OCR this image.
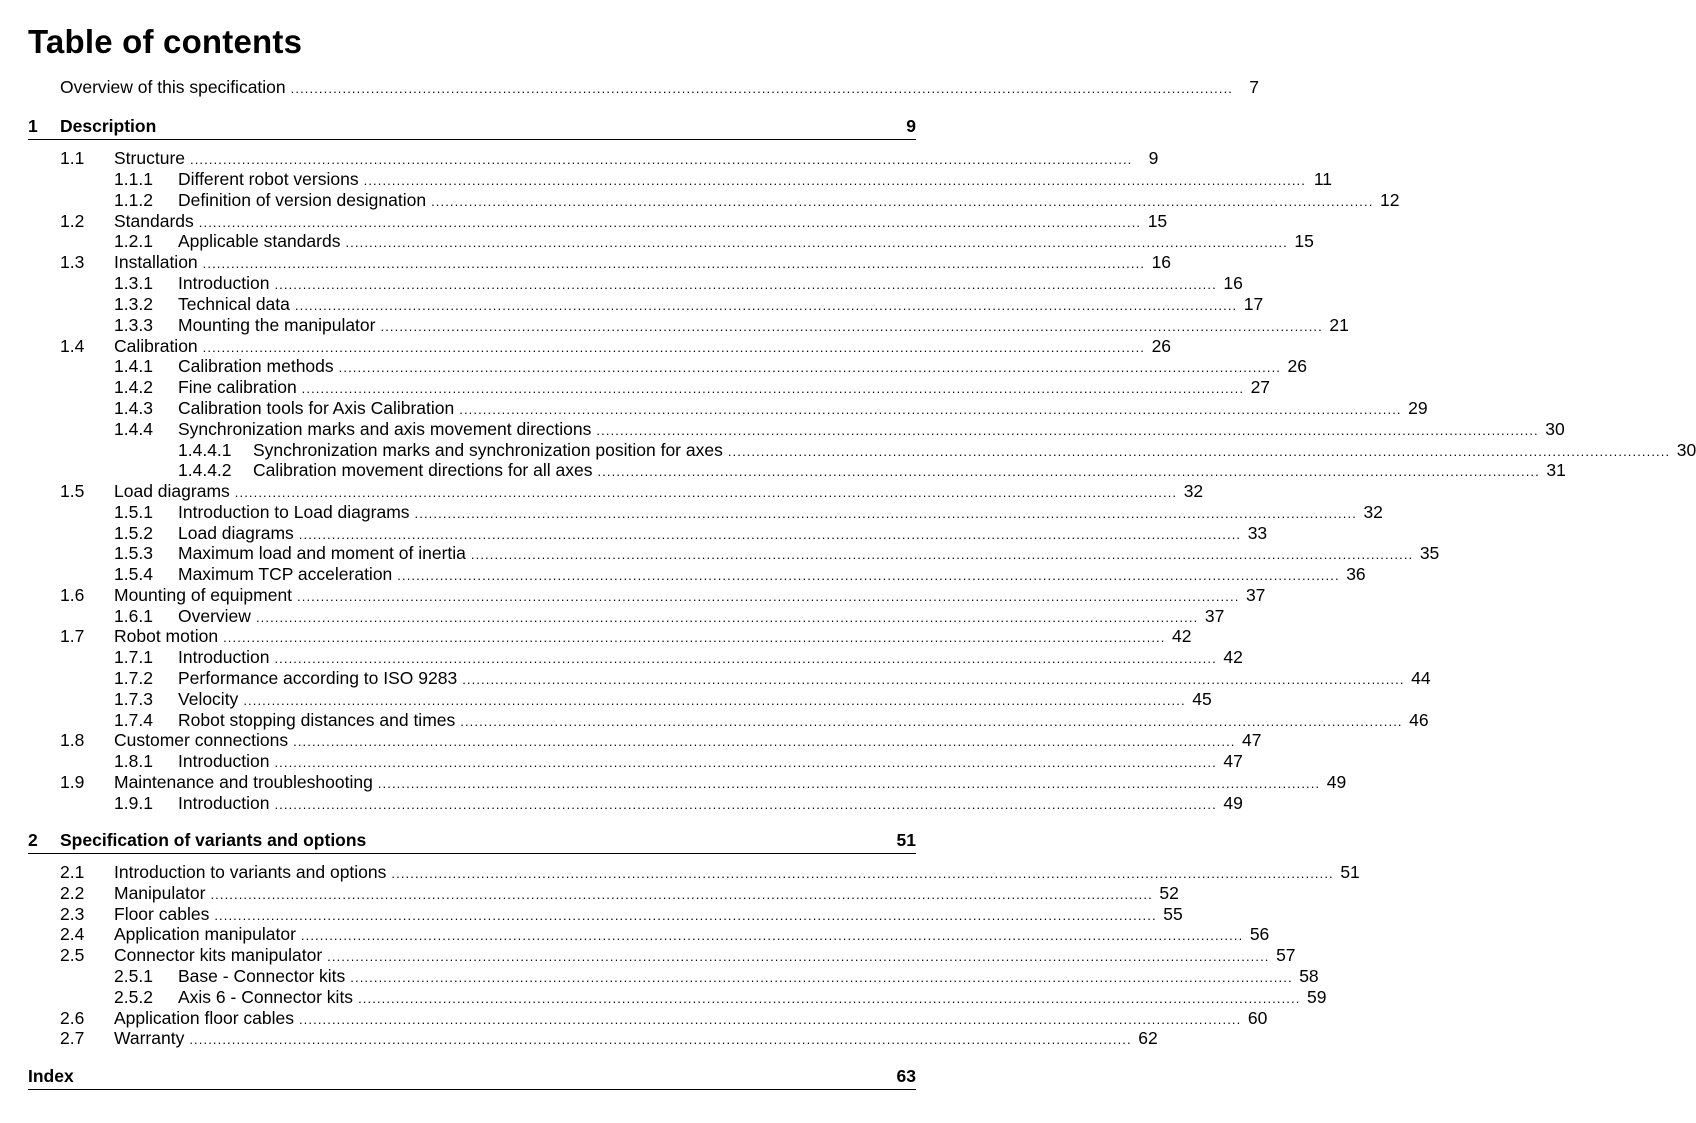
Table of contents
Overview of this specification ........................................................................................................................................................................................................ 7
1 Description	9
1.1 Structure ........................................................................................................................................................................................................ 9
1.1.1 Different robot versions ........................................................................................................................................................................................................ 11
1.1.2 Definition of version designation ........................................................................................................................................................................................................ 12
1.2 Standards ........................................................................................................................................................................................................ 15
1.2.1 Applicable standards ........................................................................................................................................................................................................ 15
1.3 Installation ........................................................................................................................................................................................................ 16
1.3.1 Introduction ........................................................................................................................................................................................................ 16
1.3.2 Technical data ........................................................................................................................................................................................................ 17
1.3.3 Mounting the manipulator ........................................................................................................................................................................................................ 21
1.4 Calibration ........................................................................................................................................................................................................ 26
1.4.1 Calibration methods ........................................................................................................................................................................................................ 26
1.4.2 Fine calibration ........................................................................................................................................................................................................ 27
1.4.3 Calibration tools for Axis Calibration ........................................................................................................................................................................................................ 29
1.4.4 Synchronization marks and axis movement directions ........................................................................................................................................................................................................ 30
1.4.4.1 Synchronization marks and synchronization position for axes ........................................................................................................................................................................................................ 30
1.4.4.2 Calibration movement directions for all axes ........................................................................................................................................................................................................ 31
1.5 Load diagrams ........................................................................................................................................................................................................ 32
1.5.1 Introduction to Load diagrams ........................................................................................................................................................................................................ 32
1.5.2 Load diagrams ........................................................................................................................................................................................................ 33
1.5.3 Maximum load and moment of inertia ........................................................................................................................................................................................................ 35
1.5.4 Maximum TCP acceleration ........................................................................................................................................................................................................ 36
1.6 Mounting of equipment ........................................................................................................................................................................................................ 37
1.6.1 Overview ........................................................................................................................................................................................................ 37
1.7 Robot motion ........................................................................................................................................................................................................ 42
1.7.1 Introduction ........................................................................................................................................................................................................ 42
1.7.2 Performance according to ISO 9283 ........................................................................................................................................................................................................ 44
1.7.3 Velocity ........................................................................................................................................................................................................ 45
1.7.4 Robot stopping distances and times ........................................................................................................................................................................................................ 46
1.8 Customer connections ........................................................................................................................................................................................................ 47
1.8.1 Introduction ........................................................................................................................................................................................................ 47
1.9 Maintenance and troubleshooting ........................................................................................................................................................................................................ 49
1.9.1 Introduction ........................................................................................................................................................................................................ 49
2 Specification of variants and options	51
2.1 Introduction to variants and options ........................................................................................................................................................................................................ 51
2.2 Manipulator ........................................................................................................................................................................................................ 52
2.3 Floor cables ........................................................................................................................................................................................................ 55
2.4 Application manipulator ........................................................................................................................................................................................................ 56
2.5 Connector kits manipulator ........................................................................................................................................................................................................ 57
2.5.1 Base - Connector kits ........................................................................................................................................................................................................ 58
2.5.2 Axis 6 - Connector kits ........................................................................................................................................................................................................ 59
2.6 Application floor cables ........................................................................................................................................................................................................ 60
2.7 Warranty ........................................................................................................................................................................................................ 62
Index	63
